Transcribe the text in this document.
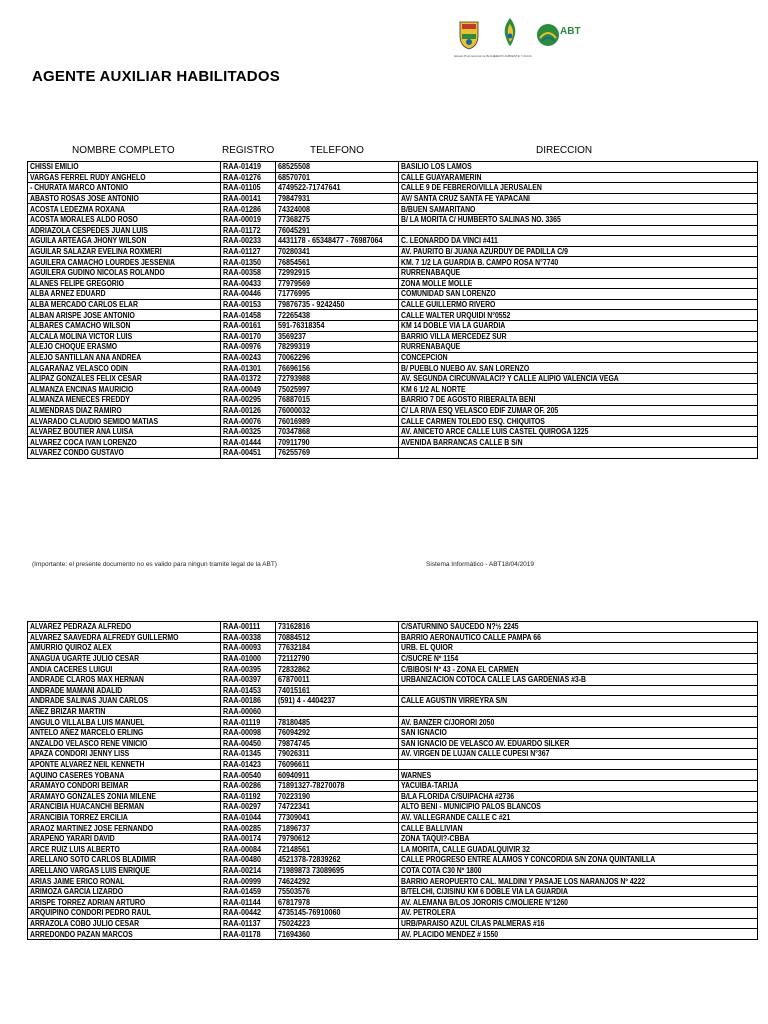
Estado Plurinacional de Bolivia
MEDIO AMBIENTE Y AGUA
ABT
AGENTE AUXILIAR HABILITADOS
NOMBRE COMPLETO	REGISTRO	TELEFONO	DIRECCION
CHISSI EMILIO	RAA-01419	68525508	BASILIO LOS LAMOS
VARGAS FERREL RUDY ANGHELO	RAA-01276	68570701	CALLE GUAYARAMERIN
- CHURATA MARCO ANTONIO	RAA-01105	4749522-71747641	CALLE 9 DE FEBRERO/VILLA JERUSALEN
ABASTO ROSAS JOSE ANTONIO	RAA-00141	79847931	AV/ SANTA CRUZ SANTA FE YAPACANI
ACOSTA LEDEZMA ROXANA	RAA-01286	74324008	B/BUEN SAMARITANO
ACOSTA MORALES ALDO ROSO	RAA-00019	77368275	B/ LA MORITA C/ HUMBERTO SALINAS NO. 3365
ADRIAZOLA CESPEDES JUAN LUIS	RAA-01172	76045291	
AGUILA ARTEAGA JHONY WILSON	RAA-00233	4431178 - 65348477 - 76987064	C. LEONARDO DA VINCI #411
AGUILAR SALAZAR EVELINA ROXMERI	RAA-01127	70280341	AV. PAURITO B/ JUANA AZURDUY DE PADILLA C/9
AGUILERA CAMACHO LOURDES JESSENIA	RAA-01350	76854561	KM. 7 1/2 LA GUARDIA B. CAMPO ROSA N°7740
AGUILERA GUDINO NICOLAS ROLANDO	RAA-00358	72992915	RURRENABAQUE
ALANES FELIPE GREGORIO	RAA-00433	77979569	ZONA MOLLE MOLLE
ALBA ARNEZ EDUARD	RAA-00446	71776995	COMUNIDAD SAN LORENZO
ALBA MERCADO CARLOS ELAR	RAA-00153	79876735 - 9242450	CALLE GUILLERMO RIVERO
ALBAN ARISPE JOSE ANTONIO	RAA-01458	72265438	CALLE WALTER URQUIDI N°0552
ALBARES CAMACHO WILSON	RAA-00161	591-76318354	KM 14 DOBLE VIA LA GUARDIA
ALCALA MOLINA VICTOR LUIS	RAA-00170	3569237	BARRIO VILLA MERCEDEZ SUR
ALEJO CHOQUE ERASMO	RAA-00976	78299319	RURRENABAQUE
ALEJO SANTILLAN ANA ANDREA	RAA-00243	70062296	CONCEPCION
ALGARAÑAZ VELASCO ODIN	RAA-01301	76696156	B/ PUEBLO NUEBO AV. SAN LORENZO
ALIPAZ GONZALES FELIX CESAR	RAA-01372	72793988	AV. SEGUNDA CIRCUNVALACI? Y CALLE ALIPIO VALENCIA VEGA
ALMANZA ENCINAS MAURICIO	RAA-00049	75025997	KM 6 1/2 AL NORTE
ALMANZA MENECES FREDDY	RAA-00295	76887015	BARRIO 7 DE AGOSTO RIBERALTA BENI
ALMENDRAS DIAZ RAMIRO	RAA-00126	76000032	C/ LA RIVA ESQ VELASCO EDIF ZUMAR OF. 205
ALVARADO CLAUDIO SEMIDO MATIAS	RAA-00076	76016989	CALLE CARMEN TOLEDO ESQ. CHIQUITOS
ALVAREZ BOUTIER ANA LUISA	RAA-00325	70347868	AV. ANICETO ARCE CALLE LUIS CASTEL QUIROGA 1225
ALVAREZ COCA IVAN LORENZO	RAA-01444	70911790	AVENIDA BARRANCAS CALLE B S/N
ALVAREZ CONDO GUSTAVO	RAA-00451	76255769	
(Importante: el presente documento no es valido para ningun tramite legal de la ABT)	Sistema Informático - ABT18/04/2019
ALVAREZ PEDRAZA ALFREDO	RAA-00111	73162816	C/SATURNINO SAUCEDO N?½ 2245
ALVAREZ SAAVEDRA ALFREDY GUILLERMO	RAA-00338	70884512	BARRIO AERONAUTICO CALLE PAMPA 66
AMURRIO QUIROZ ALEX	RAA-00093	77632184	URB. EL QUIOR
ANAGUA UGARTE JULIO CESAR	RAA-01000	72112790	C/SUCRE Nº 1154
ANDIA CACERES LUIGUI	RAA-00395	72832862	C/BIBOSI Nº 43 - ZONA EL CARMEN
ANDRADE CLAROS MAX HERNAN	RAA-00397	67870011	URBANIZACION COTOCA CALLE LAS GARDENIAS #3-B
ANDRADE MAMANI ADALID	RAA-01453	74015161	
ANDRADE SALINAS JUAN CARLOS	RAA-00186	(591) 4 - 4404237	CALLE AGUSTIN VIRREYRA S/N
AÑEZ BRIZAR MARTIN	RAA-00060		
ANGULO VILLALBA LUIS MANUEL	RAA-01119	78180485	AV. BANZER C/JORORI 2050
ANTELO AÑEZ MARCELO ERLING	RAA-00098	76094292	SAN IGNACIO
ANZALDO VELASCO RENE VINICIO	RAA-00450	79874745	SAN IGNACIO DE VELASCO AV. EDUARDO SILKER
APAZA CONDORI JENNY LISS	RAA-01345	79026311	AV. VIRGEN DE LUJAN CALLE CUPESI N°367
APONTE ALVAREZ NEIL KENNETH	RAA-01423	76096611	
AQUINO CASERES YOBANA	RAA-00540	60940911	WARNES
ARAMAYO CONDORI BEIMAR	RAA-00286	71891327-78270078	YACUIBA-TARIJA
ARAMAYO GONZALES ZONIA MILENE	RAA-01192	70223190	B/LA FLORIDA C/SUIPACHA #2736
ARANCIBIA HUACANCHI BERMAN	RAA-00297	74722341	ALTO BENI - MUNICIPIO PALOS BLANCOS
ARANCIBIA TORREZ ERCILIA	RAA-01044	77309041	AV. VALLEGRANDE CALLE C #21
ARAOZ MARTINEZ JOSE FERNANDO	RAA-00285	71896737	CALLE BALLIVIAN
ARAPENO YARARI DAVID	RAA-00174	79790612	ZONA TAQUI?-CBBA
ARCE RUIZ LUIS ALBERTO	RAA-00084	72148561	LA MORITA, CALLE GUADALQUIVIR 32
ARELLANO SOTO CARLOS BLADIMIR	RAA-00480	4521378-72839262	CALLE PROGRESO ENTRE ALAMOS Y CONCORDIA S/N ZONA QUINTANILLA
ARELLANO VARGAS LUIS ENRIQUE	RAA-00214	71989873 73089695	COTA COTA C30 Nº 1800
ARIAS JAIME ERICO RONAL	RAA-00999	74624292	BARRIO AEROPUERTO CAL. MALDINI Y PASAJE LOS NARANJOS Nº 4222
ARIMOZA GARCIA LIZARDO	RAA-01459	75503576	B/TELCHI, C/JISINU KM 6 DOBLE VIA LA GUARDIA
ARISPE TORREZ ADRIAN ARTURO	RAA-01144	67817978	AV. ALEMANA B/LOS JORORIS C/MOLIERE N°1260
ARQUIPINO CONDORI PEDRO RAUL	RAA-00442	4735145-76910060	AV. PETROLERA
ARRAZOLA COBO JULIO CESAR	RAA-01137	75024223	URB/PARAISO AZUL C/LAS PALMERAS #16
ARREDONDO PAZAN MARCOS	RAA-01178	71694360	AV. PLACIDO MENDEZ # 1550
